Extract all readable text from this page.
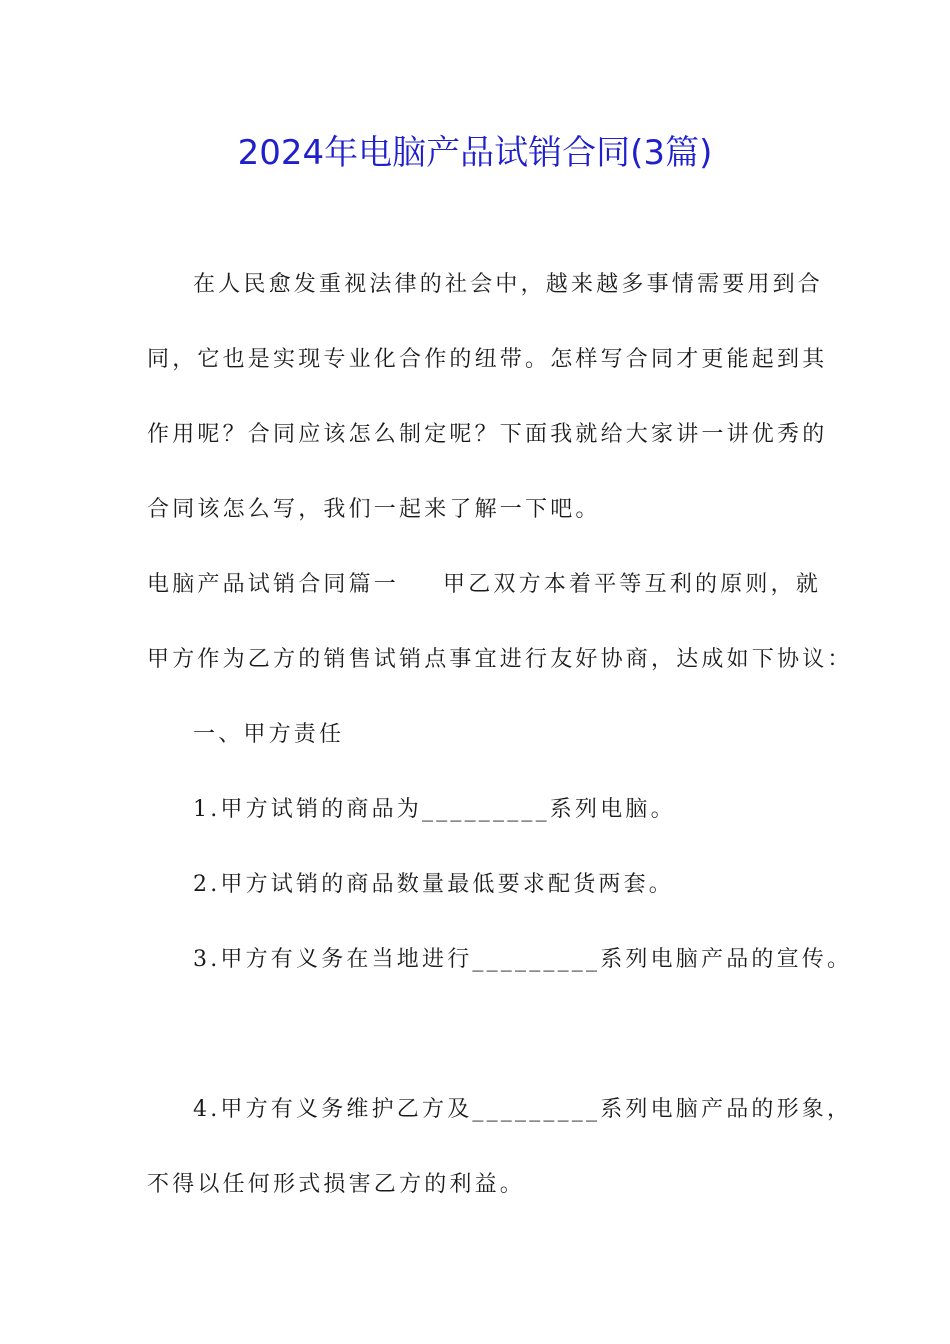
2024年电脑产品试销合同(3篇)
在人民愈发重视法律的社会中，越来越多事情需要用到合
同，它也是实现专业化合作的纽带。怎样写合同才更能起到其
作用呢？合同应该怎么制定呢？下面我就给大家讲一讲优秀的
合同该怎么写，我们一起来了解一下吧。
电脑产品试销合同篇一 甲乙双方本着平等互利的原则，就
甲方作为乙方的销售试销点事宜进行友好协商，达成如下协议：
一、甲方责任
1.甲方试销的商品为_________系列电脑。
2.甲方试销的商品数量最低要求配货两套。
3.甲方有义务在当地进行_________系列电脑产品的宣传。
4.甲方有义务维护乙方及_________系列电脑产品的形象，
不得以任何形式损害乙方的利益。
